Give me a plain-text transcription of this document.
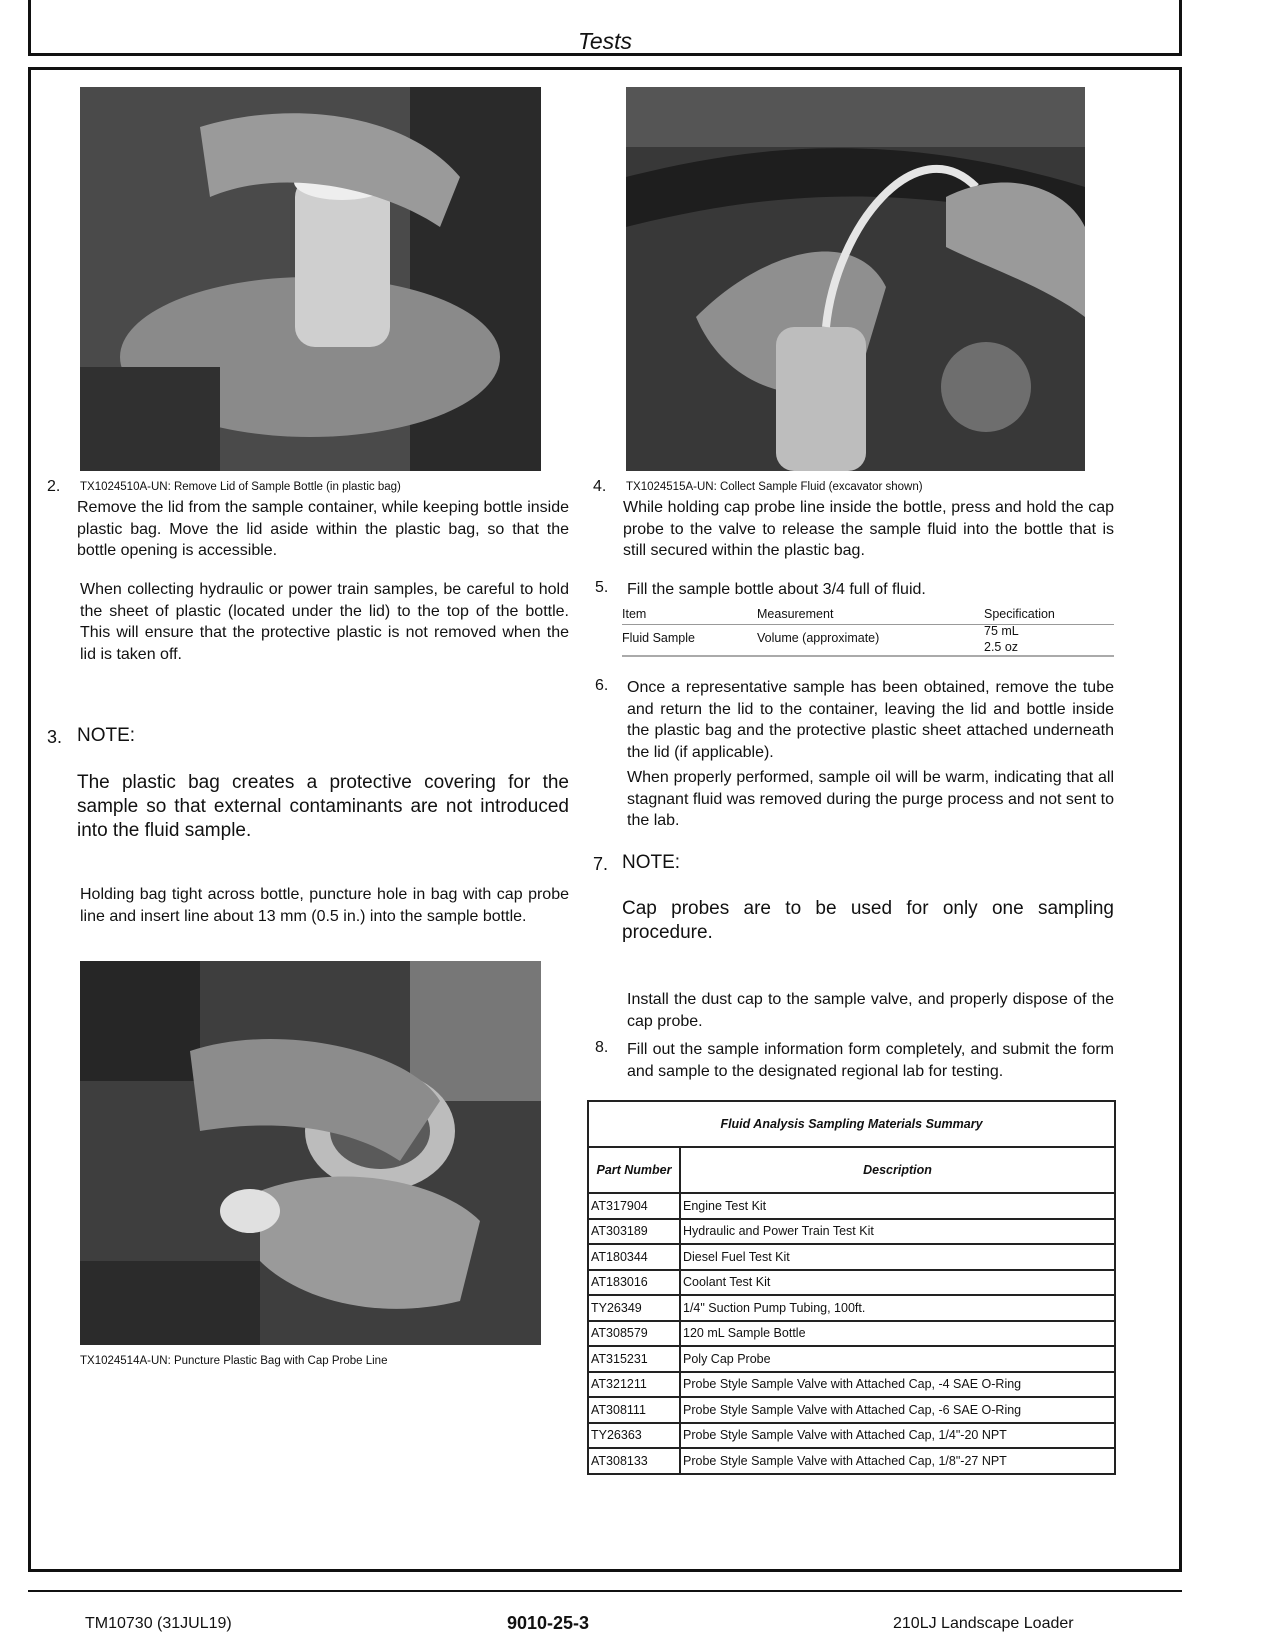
Tests
TX1024510A-UN: Remove Lid of Sample Bottle (in plastic bag)	TX1024515A-UN: Collect Sample Fluid (excavator shown)
TX1024514A-UN: Puncture Plastic Bag with Cap Probe Line
2.
Remove the lid from the sample container, while keeping bottle inside plastic bag. Move the lid aside within the plastic bag, so that the bottle opening is accessible.
When collecting hydraulic or power train samples, be careful to hold the sheet of plastic (located under the lid) to the top of the bottle. This will ensure that the protective plastic is not removed when the lid is taken off.
3. NOTE:
The plastic bag creates a protective covering for the sample so that external contaminants are not introduced into the fluid sample.
Holding bag tight across bottle, puncture hole in bag with cap probe line and insert line about 13 mm (0.5 in.) into the sample bottle.
4.
While holding cap probe line inside the bottle, press and hold the cap probe to the valve to release the sample fluid into the bottle that is still secured within the plastic bag.
5. Fill the sample bottle about 3/4 full of fluid.
Item	Measurement	Specification
Fluid Sample	Volume (approximate)	75 mL
2.5 oz
6. Once a representative sample has been obtained, remove the tube and return the lid to the container, leaving the lid and bottle inside the plastic bag and the protective plastic sheet attached underneath the lid (if applicable).
When properly performed, sample oil will be warm, indicating that all stagnant fluid was removed during the purge process and not sent to the lab.
7. NOTE:
Cap probes are to be used for only one sampling procedure.
Install the dust cap to the sample valve, and properly dispose of the cap probe.
8. Fill out the sample information form completely, and submit the form and sample to the designated regional lab for testing.
Fluid Analysis Sampling Materials Summary	
Part Number	Description
AT317904	Engine Test Kit
AT303189	Hydraulic and Power Train Test Kit
AT180344	Diesel Fuel Test Kit
AT183016	Coolant Test Kit
TY26349	1/4" Suction Pump Tubing, 100ft.
AT308579	120 mL Sample Bottle
AT315231	Poly Cap Probe
AT321211	Probe Style Sample Valve with Attached Cap, -4 SAE O-Ring
AT308111	Probe Style Sample Valve with Attached Cap, -6 SAE O-Ring
TY26363	Probe Style Sample Valve with Attached Cap, 1/4"-20 NPT
AT308133	Probe Style Sample Valve with Attached Cap, 1/8"-27 NPT
TM10730 (31JUL19)	9010-25-3	210LJ Landscape Loader
